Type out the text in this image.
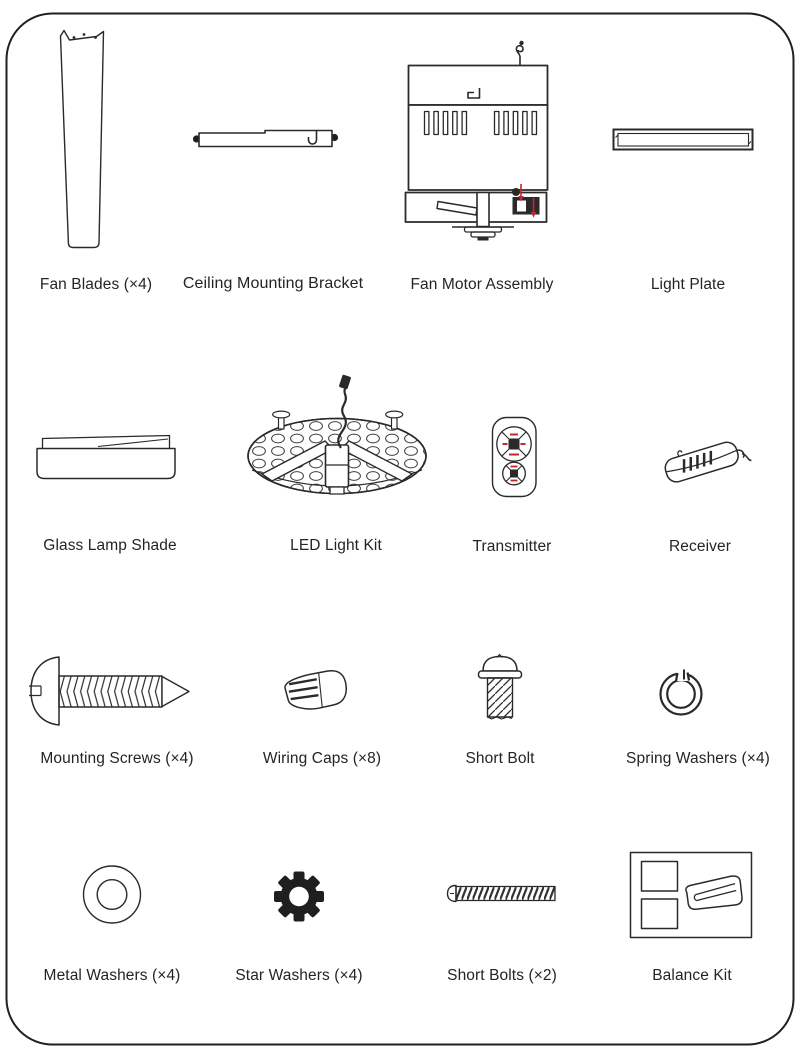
Fan Blades (×4) Ceiling Mounting Bracket	Fan Motor Assembly	Light Plate
Glass Lamp Shade	LED Light Kit	Transmitter	Receiver
Mounting Screws (×4)	Wiring Caps (×8)	Short Bolt	Spring Washers (×4)
Metal Washers (×4)	Star Washers (×4)	Short Bolts (×2)	Balance Kit
